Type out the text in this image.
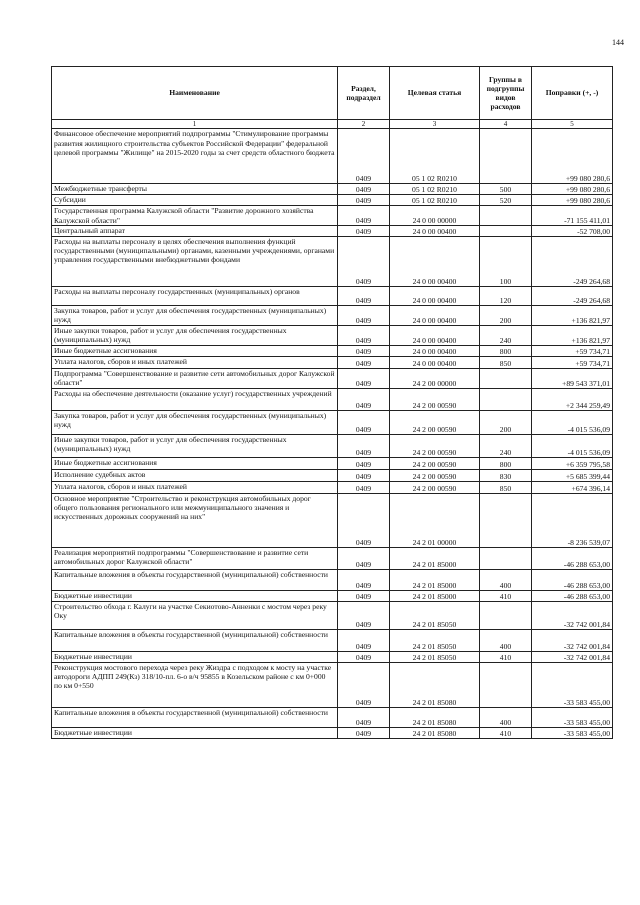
144
Наименование	Раздел, подраздел	Целевая статья	Группы в подгруппы видов расходов	Поправки (+, -)
1	2	3	4	5
Финансовое обеспечение мероприятий подпрограммы "Стимулирование программы развития жилищного строительства субъектов Российской Федерации" федеральной целевой программы "Жилище" на 2015-2020 годы за счет средств областного бюджета	0409	05 1 02 R0210		+99 080 280,6
Межбюджетные трансферты	0409	05 1 02 R0210	500	+99 080 280,6
Субсидии	0409	05 1 02 R0210	520	+99 080 280,6
Государственная программа Калужской области "Развитие дорожного хозяйства Калужской области"	0409	24 0 00 00000		-71 155 411,01
Центральный аппарат	0409	24 0 00 00400		-52 708,00
Расходы на выплаты персоналу в целях обеспечения выполнения функций государственными (муниципальными) органами, казенными учреждениями, органами управления государственными внебюджетными фондами	0409	24 0 00 00400	100	-249 264,68
Расходы на выплаты персоналу государственных (муниципальных) органов	0409	24 0 00 00400	120	-249 264,68
Закупка товаров, работ и услуг для обеспечения государственных (муниципальных) нужд	0409	24 0 00 00400	200	+136 821,97
Иные закупки товаров, работ и услуг для обеспечения государственных (муниципальных) нужд	0409	24 0 00 00400	240	+136 821,97
Иные бюджетные ассигнования	0409	24 0 00 00400	800	+59 734,71
Уплата налогов, сборов и иных платежей	0409	24 0 00 00400	850	+59 734,71
Подпрограмма "Совершенствование и развитие сети автомобильных дорог Калужской области"	0409	24 2 00 00000		+89 543 371,01
Расходы на обеспечение деятельности (оказание услуг) государственных учреждений	0409	24 2 00 00590		+2 344 259,49
Закупка товаров, работ и услуг для обеспечения государственных (муниципальных) нужд	0409	24 2 00 00590	200	-4 015 536,09
Иные закупки товаров, работ и услуг для обеспечения государственных (муниципальных) нужд	0409	24 2 00 00590	240	-4 015 536,09
Иные бюджетные ассигнования	0409	24 2 00 00590	800	+6 359 795,58
Исполнение судебных актов	0409	24 2 00 00590	830	+5 685 399,44
Уплата налогов, сборов и иных платежей	0409	24 2 00 00590	850	+674 396,14
Основное мероприятие "Строительство и реконструкция автомобильных дорог общего пользования регионального или межмуниципального значения и искусственных дорожных сооружений на них"	0409	24 2 01 00000		-8 236 539,07
Реализация мероприятий подпрограммы "Совершенствование и развитие сети автомобильных дорог Калужской области"	0409	24 2 01 85000		-46 288 653,00
Капитальные вложения в объекты государственной (муниципальной) собственности	0409	24 2 01 85000	400	-46 288 653,00
Бюджетные инвестиции	0409	24 2 01 85000	410	-46 288 653,00
Строительство обхода г. Калуги на участке Секиотово-Анненки с мостом через реку Оку	0409	24 2 01 85050		-32 742 001,84
Капитальные вложения в объекты государственной (муниципальной) собственности	0409	24 2 01 85050	400	-32 742 001,84
Бюджетные инвестиции	0409	24 2 01 85050	410	-32 742 001,84
Реконструкция мостового перехода через реку Жиздра с подходом к мосту на участке автодороги АДПП 249(Кз) 318/10-пл. 6-о в/ч 95855 в Козельском районе с км 0+000 по км 0+550	0409	24 2 01 85080		-33 583 455,00
Капитальные вложения в объекты государственной (муниципальной) собственности	0409	24 2 01 85080	400	-33 583 455,00
Бюджетные инвестиции	0409	24 2 01 85080	410	-33 583 455,00
